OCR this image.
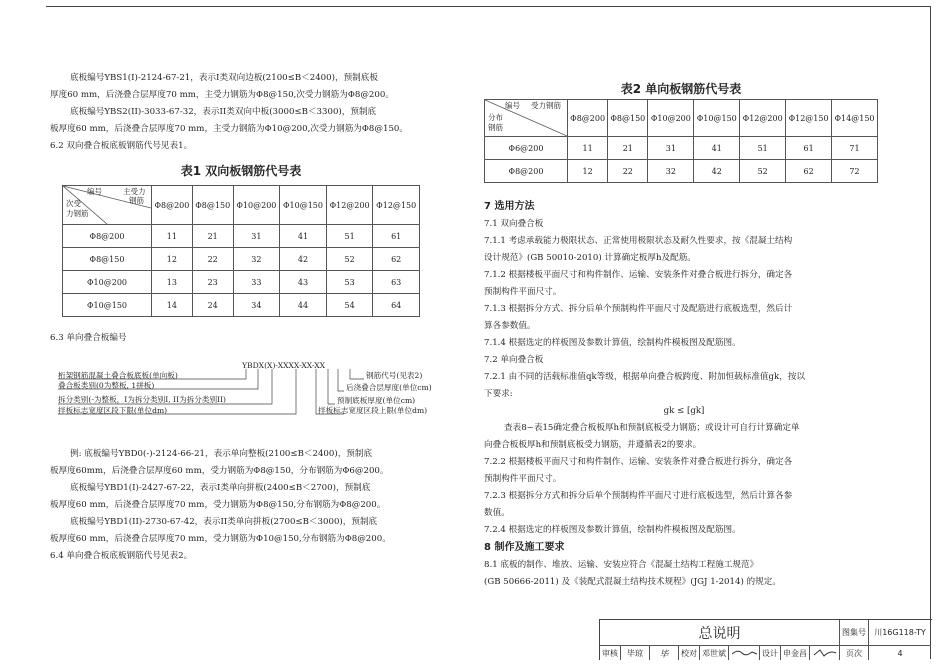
底板编号YBS1(I)-2124-67-21，表示I类双向边板(2100≤B＜2400)，预制底板

厚度60 mm，后浇叠合层厚度70 mm，主受力钢筋为Φ8@150,次受力钢筋为Φ8@200。

底板编号YBS2(II)-3033-67-32，表示II类双向中板(3000≤B＜3300)，预制底

板厚度60 mm，后浇叠合层厚度70 mm，主受力钢筋为Φ10@200,次受力钢筋为Φ8@150。

6.2 双向叠合板底板钢筋代号见表1。

表1 双向板钢筋代号表

编号 主受力
钢筋
次受
力钢筋	Φ8@200	Φ8@150	Φ10@200	Φ10@150	Φ12@200	Φ12@150
Φ8@200	11	21	31	41	51	61
Φ8@150	12	22	32	42	52	62
Φ10@200	13	23	33	43	53	63
Φ10@150	14	24	34	44	54	64

6.3 单向叠合板编号

YBDX(X)-XXXX-XX-XX
桁架钢筋混凝土叠合板底板(单向板)
叠合板类别(0为整板, 1拼板)
拆分类别(-为整板，I为拆分类别I, II为拆分类别II)
拌板标志宽度区段下限(单位dm)
钢筋代号(见表2)
后浇叠合层厚度(单位cm)
预制底板厚度(单位cm)
拌板标志宽度区段上限(单位dm)

例: 底板编号YBD0(-)-2124-66-21，表示单向整板(2100≤B＜2400)，预制底

板厚度60mm，后浇叠合层厚度60 mm，受力钢筋为Φ8@150，分布钢筋为Φ6@200。

底板编号YBD1(I)-2427-67-22，表示I类单向拼板(2400≤B＜2700)，预制底

板厚度60 mm，后浇叠合层厚度70 mm，受力钢筋为Φ8@150,分布钢筋为Φ8@200。

底板编号YBD1(II)-2730-67-42，表示II类单向拼板(2700≤B＜3000)，预制底

板厚度60 mm，后浇叠合层厚度70 mm，受力钢筋为Φ10@150,分布钢筋为Φ8@200。

6.4 单向叠合板底板钢筋代号见表2。

表2 单向板钢筋代号表

编号 受力钢筋
分布
钢筋	Φ8@200	Φ8@150	Φ10@200	Φ10@150	Φ12@200	Φ12@150	Φ14@150
Φ6@200	11	21	31	41	51	61	71
Φ8@200	12	22	32	42	52	62	72
7 选用方法

7.1 双向叠合板

7.1.1 考虑承载能力极限状态、正常使用极限状态及耐久性要求，按《混凝土结构

设计规范》(GB 50010-2010) 计算确定板厚h及配筋。

7.1.2 根据楼板平面尺寸和构件制作、运输、安装条件对叠合板进行拆分，确定各

预制构件平面尺寸。

7.1.3 根据拆分方式、拆分后单个预制构件平面尺寸及配筋进行底板选型，然后计

算各参数值。

7.1.4 根据选定的样板图及参数计算值，绘制构件模板图及配筋图。

7.2 单向叠合板

7.2.1 由不同的活载标准值qk等级，根据单向叠合板跨度、附加恒载标准值gk，按以

下要求:

gk ≤ [gk]

查表8~表15确定叠合板板厚h和预制底板受力钢筋；或设计可自行计算确定单

向叠合板板厚h和预制底板受力钢筋，并遵循表2的要求。

7.2.2 根据楼板平面尺寸和构件制作、运输、安装条件对叠合板进行拆分，确定各

预制构件平面尺寸。

7.2.3 根据拆分方式和拆分后单个预制构件平面尺寸进行底板选型，然后计算各参

数值。

7.2.4 根据选定的样板图及参数计算值，绘制构件模板图及配筋图。

8 制作及施工要求

8.1 底板的制作、堆放、运输、安装应符合《混凝土结构工程施工规范》

(GB 50666-2011) 及《装配式混凝土结构技术规程》(JGJ 1-2014) 的规定。

总说明	图集号	川16G118-TY
审核	毕琼	毕	校对 邓世斌	设计 申金昌	页次	4
